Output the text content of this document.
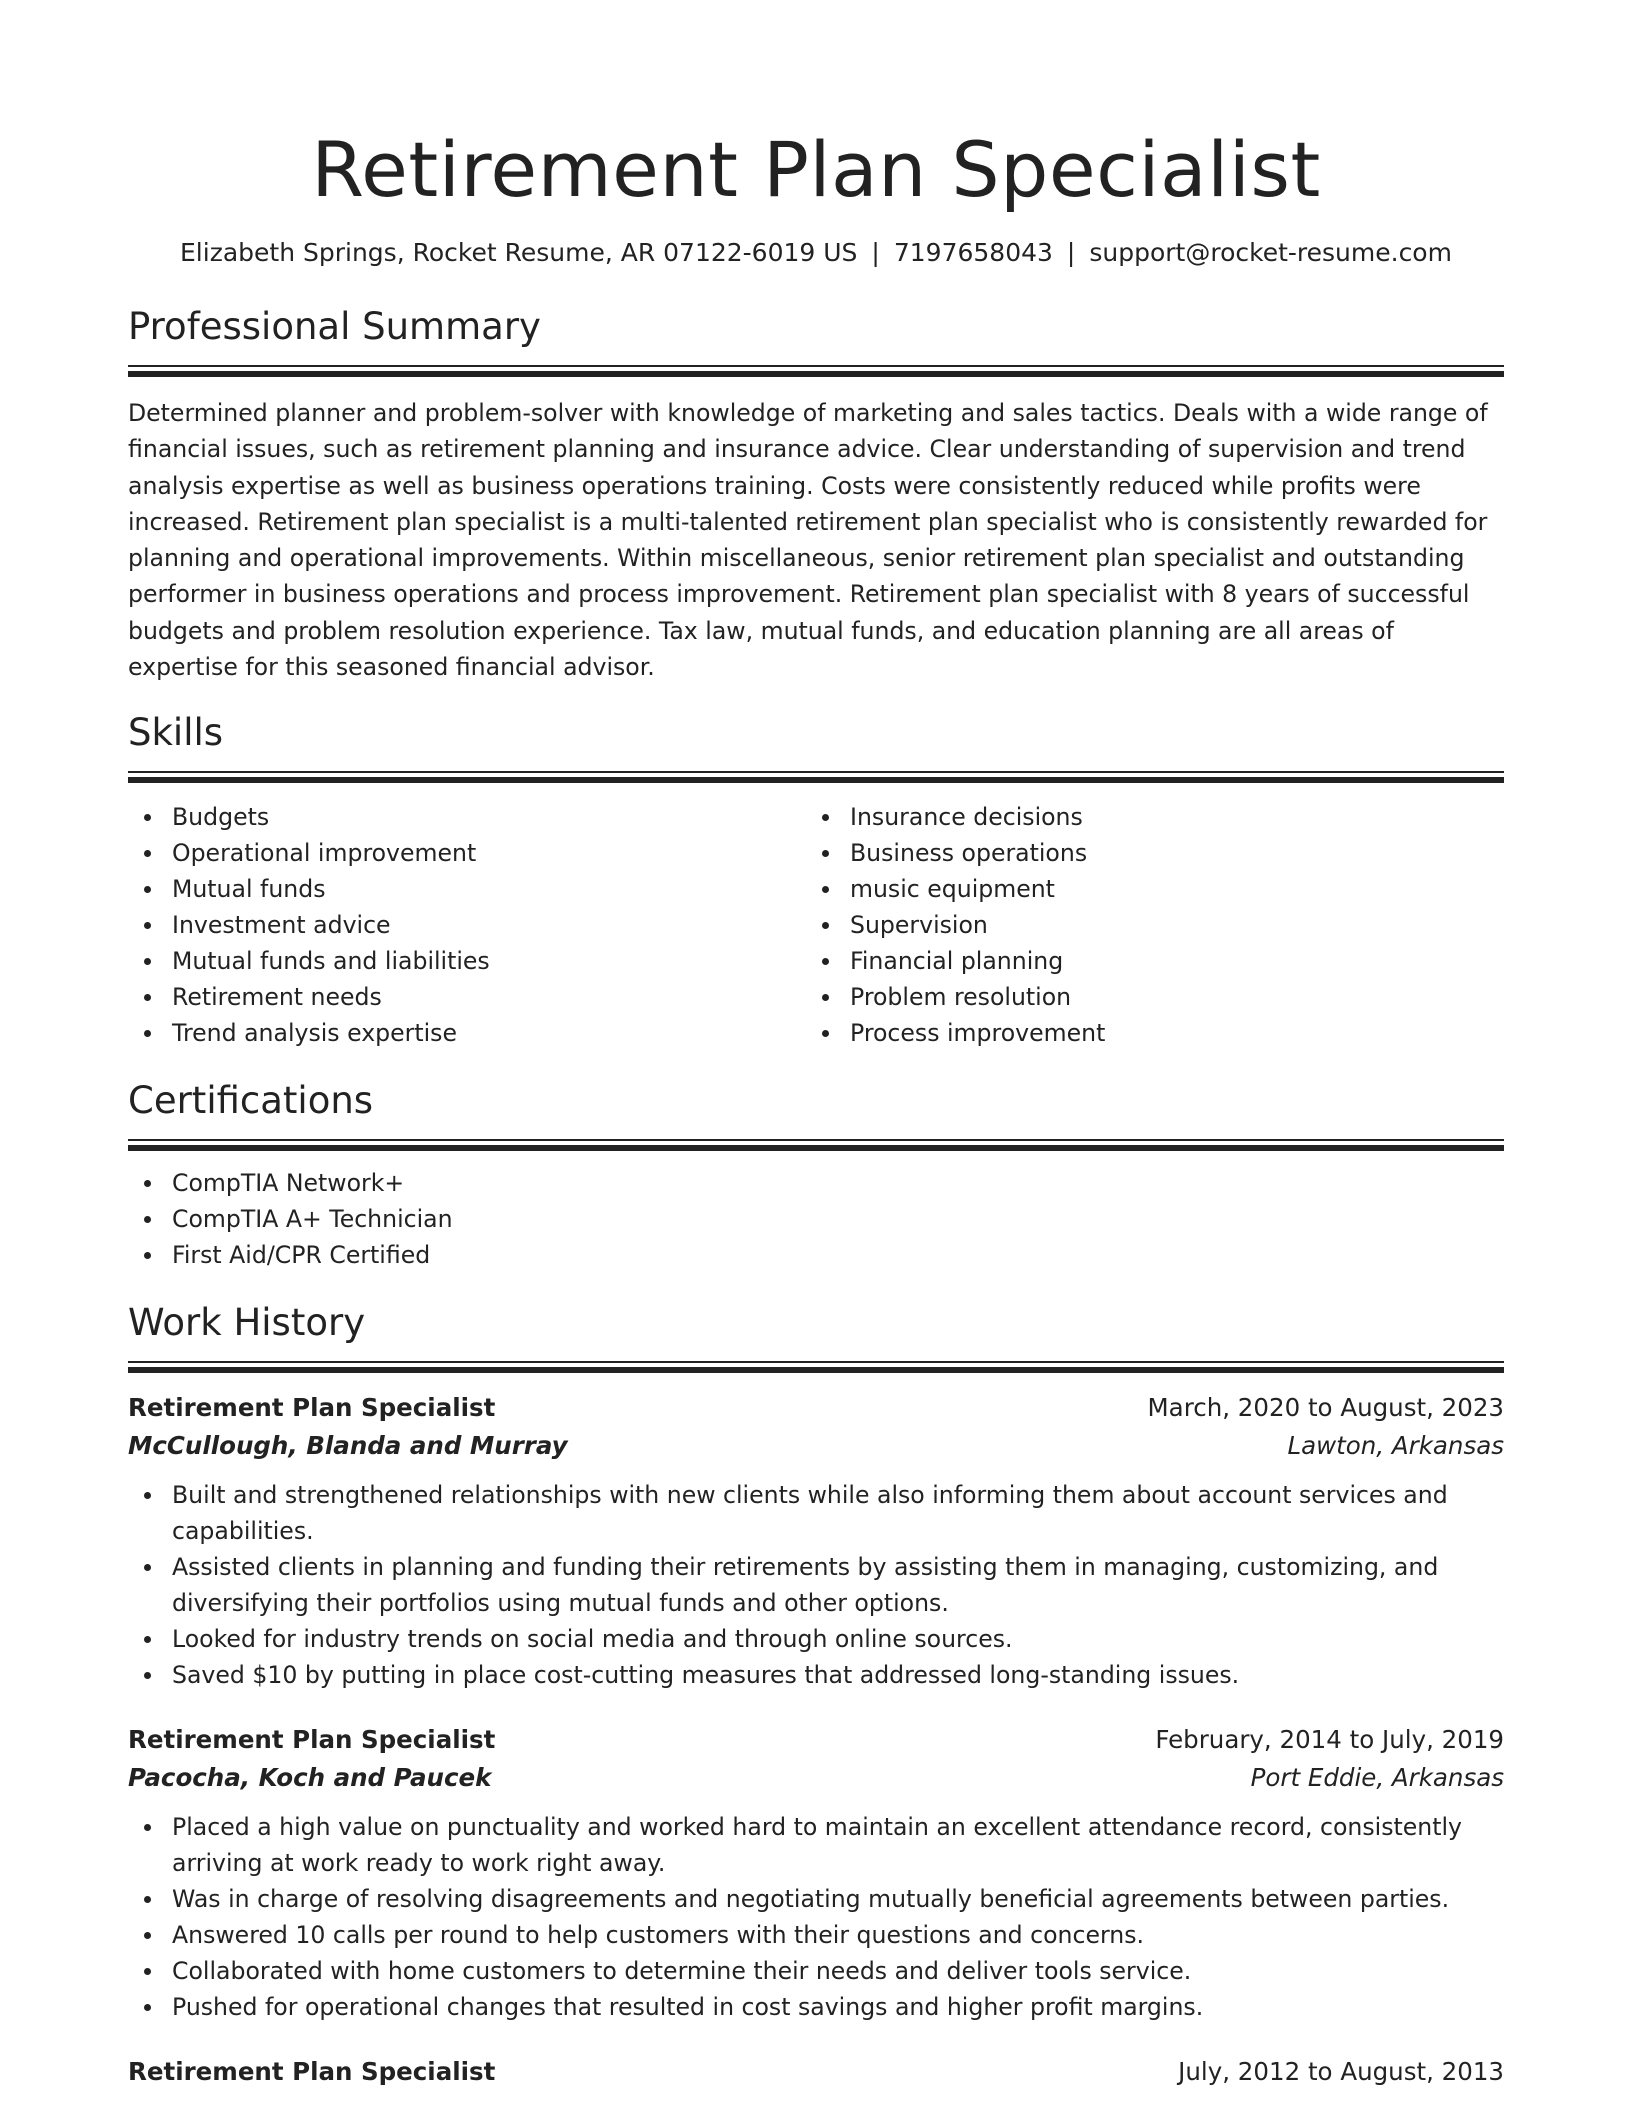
Retirement Plan Specialist
Elizabeth Springs, Rocket Resume, AR 07122-6019 US | 7197658043 | support@rocket-resume.com
Professional Summary

Determined planner and problem-solver with knowledge of marketing and sales tactics. Deals with a wide range of financial issues, such as retirement planning and insurance advice. Clear understanding of supervision and trend analysis expertise as well as business operations training. Costs were consistently reduced while profits were increased. Retirement plan specialist is a multi-talented retirement plan specialist who is consistently rewarded for planning and operational improvements. Within miscellaneous, senior retirement plan specialist and outstanding performer in business operations and process improvement. Retirement plan specialist with 8 years of successful budgets and problem resolution experience. Tax law, mutual funds, and education planning are all areas of expertise for this seasoned financial advisor.

Skills
Budgets
Operational improvement
Mutual funds
Investment advice
Mutual funds and liabilities
Retirement needs
Trend analysis expertise
Insurance decisions
Business operations
music equipment
Supervision
Financial planning
Problem resolution
Process improvement
Certifications
CompTIA Network+
CompTIA A+ Technician
First Aid/CPR Certified
Work History
Retirement Plan Specialist	March, 2020 to August, 2023
McCullough, Blanda and Murray	Lawton, Arkansas
Built and strengthened relationships with new clients while also informing them about account services and capabilities.
Assisted clients in planning and funding their retirements by assisting them in managing, customizing, and diversifying their portfolios using mutual funds and other options.
Looked for industry trends on social media and through online sources.
Saved $10 by putting in place cost-cutting measures that addressed long-standing issues.
Retirement Plan Specialist	February, 2014 to July, 2019
Pacocha, Koch and Paucek	Port Eddie, Arkansas
Placed a high value on punctuality and worked hard to maintain an excellent attendance record, consistently arriving at work ready to work right away.
Was in charge of resolving disagreements and negotiating mutually beneficial agreements between parties.
Answered 10 calls per round to help customers with their questions and concerns.
Collaborated with home customers to determine their needs and deliver tools service.
Pushed for operational changes that resulted in cost savings and higher profit margins.
Retirement Plan Specialist	July, 2012 to August, 2013
